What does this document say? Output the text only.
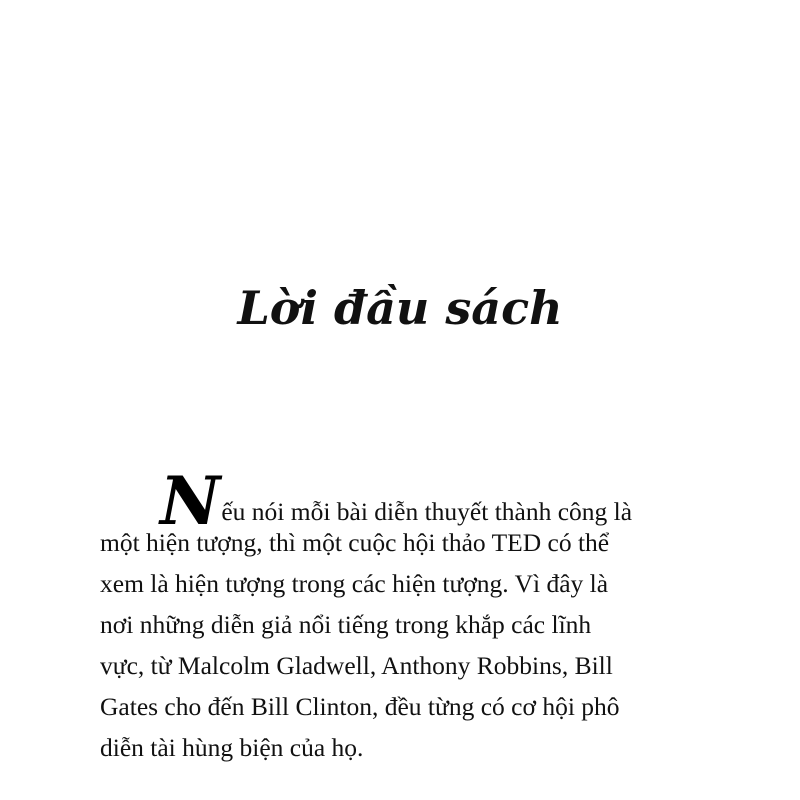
Lời đầu sách
Nếu nói mỗi bài diễn thuyết thành công là
một hiện tượng, thì một cuộc hội thảo TED có thể
xem là hiện tượng trong các hiện tượng. Vì đây là
nơi những diễn giả nổi tiếng trong khắp các lĩnh
vực, từ Malcolm Gladwell, Anthony Robbins, Bill
Gates cho đến Bill Clinton, đều từng có cơ hội phô
diễn tài hùng biện của họ.
